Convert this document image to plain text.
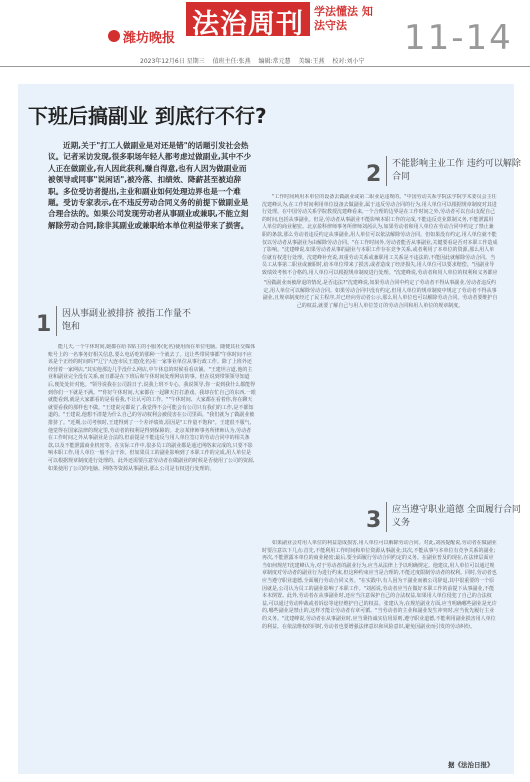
潍坊晚报 法治周刊 学法懂法 知法守法	11-14
2023年12月6日 星期三 值班主任:张燕 编辑:常元慧 美编:王燕 校对:刘小宁
下班后搞副业 到底行不行?

近期,关于"打工人做副业是对还是错"的话题引发社会热议。记者采访发现,很多职场年轻人都考虑过做副业,其中不少人正在做副业,有人因此获利,赚自得意,也有人因为做副业而被领导或同事"说闲话",被冷落、扣绩效、降薪甚至被迫辞职。多位受访者提出,主业和副业如何处理边界也是一个难题。受访专家表示,在不违反劳动合同义务的前提下做副业是合理合法的。如果公司发现劳动者从事副业或兼职,不能立刻解除劳动合同,除非其副业或兼职给本单位利益带来了损害。

1 因从事副业被排挤 被指工作量不饱和

能几天,一个午休时间,她都在给书贴主的小服务(化名)使用而在单位电脑。随便其社交媒体账号上的一名事务好相关信息,要么电话吃的那种一个就去了。这让些带同事都"午休时间不应该是个正经的时间吗?"辽宁大连市民王建(化名)在一家事业单位从事行政工作。除了上班外还经营着一家网店,"其实他那边几乎没什么网店,中午休息的时候看看店铺。"王建坦言道,他的主业和副业完全没有关系,而且都是在下班后和午休时间处理网店的事。但在说到带领领导知道后,便处处针对他。"领导说我在公司混日子,说我上班不专心。我说领导,你一说到我什么都能得到你们一下就是不满。""你好午休时间,大家都在一起聊天打打游戏、我却在忙自己的东西,一眼就能看到,就是大家都看的是看看我,不让认可的工作。""午休时间、大家都在看着你,你在聊天就要看我的那样也不做。"王建说完都说了,我觉得不会可能会有公司只有我们的工作,是不都知道的。"王建说,他想不清楚为什么自己的劳动权利会被侵害在公司里面。"我们就为了做副业被排挤了。"近期,公司考核时,王建得到了一个差评绩效,原因是"工作量不饱和"。王建很不服气,他觉得在国家法律的规定里,劳动者的权利是得到保障的。北京某律师事务所律师认为,劳动者在工作时间之外从事副业是合法的,但前提是不能违反与用人单位签订的劳动合同中的相关条款,以及不能泄露商业机密等。在实际工作中,很多员工的副业都是通过网络来完成的,只要不影响本职工作,用人单位一般不会干涉。但如果员工的副业影响到了本职工作的完成,用人单位是可以根据规章制度进行处理的。此外还需要注意劳动者在做副业的时候是否使用了公司的资源,如果使用了公司的电脑、网络等资源从事副业,那么公司是有权进行处理的。

2 不能影响主业工作 违约可以解除合同

"工作时间利用本单位的设备去做副业或第二职业是违规的。"中国劳动关系学院法学院学术委员会主任沈建峰认为,在工作时间利用单位设备去做副业,属于违反劳动合同的行为,用人单位可以根据规章制度对其进行处理。在中国劳动关系学院教授沈建峰看来,一个合理的边界是在工作时间之外,劳动者可以自由支配自己的时间,包括从事副业。但是,劳动者从事副业不能影响本职工作的完成,不能违反竞业限制义务,不能泄露用人单位的商业秘密。北京盈科律师事务所律师刘茜认为,如果劳动者和用人单位在劳动合同中约定了禁止兼职的条款,那么劳动者违反约定从事副业,用人单位可以依法解除劳动合同。但如果没有约定,用人单位就不能仅以劳动者从事副业为由解除劳动合同。"在工作时间外,劳动者能否从事副业,关键要看是否对本职工作造成了影响。"沈建峰说,如果劳动者从事的副业与本职工作存在竞争关系,或者利用了本单位的资源,那么用人单位就有权进行处理。沈建峰补充说,双重劳动关系或兼职用工关系是不违法的,不能因此就解除劳动合同。当员工从事第二职业或兼职时,给本单位带来了损害,或者造成了经济损失,用人单位可以要求赔偿。"因副业导致绩效考核不合格的,用人单位可以根据规章制度进行处理。"沈建峰说,劳动者和用人单位的权利和义务都应

"因做副业而被辞退的情况,是否违法?"沈建峰说,如果劳动合同中约定了劳动者不得从事副业,劳动者违反约定,用人单位可以解除劳动合同。如果劳动合同中没有约定,但用人单位的规章制度中规定了劳动者不得从事副业,且规章制度经过了民主程序,并已经向劳动者公示,那么用人单位也可以解除劳动合同。劳动者要维护自己的权益,就要了解自己与用人单位签订的劳动合同和用人单位的规章制度。

3 应当遵守职业道德 全面履行合同义务

如果副业会对用人单位的利益造成损害,用人单位可以解除劳动合同。对此,刘茜提醒说,劳动者在做副业时要注意以下几点:首先,不能利用工作时间和单位资源从事副业;其次,不能从事与本单位有竞争关系的副业;再次,不能泄露本单位的商业秘密;最后,要全面履行劳动合同约定的义务。在副业普及的现在,在法律层面应当如何规范?沈建峰认为,对于劳动者的副业行为,应当从法律上予以明确规定。他建议,用人单位可以通过规章制度对劳动者的副业行为进行约束,但这种约束应当是合理的,不能过度限制劳动者的权利。同时,劳动者也应当遵守职业道德,全面履行劳动合同义务。"在实践中,有人因为干副业而被公司辞退,其中很重要的一个原因就是,公司认为员工的副业影响了本职工作。"刘茜说,劳动者应当在做好本职工作的前提下从事副业,不能本末倒置。此外,劳动者在从事副业时,还应当注意保护自己的合法权益,如果用人单位侵犯了自己的合法权益,可以通过劳动仲裁或者诉讼等途径维护自己的权益。张建认为,在规范副业方面,应当明确哪些副业是允许的,哪些副业是禁止的,这样才能让劳动者有章可循。"当劳动者的主业和副业发生冲突时,应当优先履行主业的义务。"沈建峰说,劳动者在从事副业时,应当秉持诚实信用原则,遵守职业道德,不能利用副业损害用人单位的利益。在依法维权的同时,劳动者也要增强法律意识和风险意识,避免因副业而引发的劳动纠纷。

据《法治日报》
